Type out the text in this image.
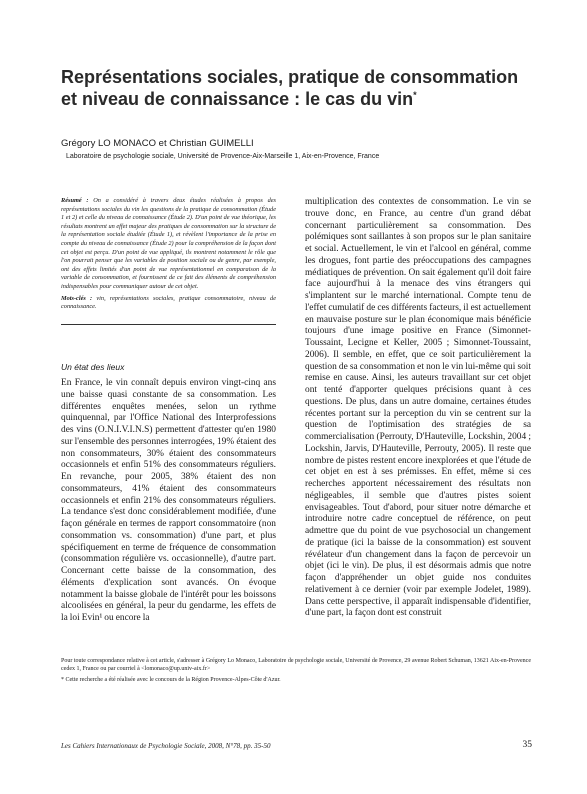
Représentations sociales, pratique de consommation et niveau de connaissance : le cas du vin*
Grégory LO MONACO et Christian GUIMELLI
Laboratoire de psychologie sociale, Université de Provence-Aix-Marseille 1, Aix-en-Provence, France

Résumé : On a considéré à travers deux études réalisées à propos des représentations sociales du vin les questions de la pratique de consommation (Étude 1 et 2) et celle du niveau de connaissance (Étude 2). D'un point de vue théorique, les résultats montrent un effet majeur des pratiques de consommation sur la structure de la représentation sociale étudiée (Étude 1), et révèlent l'importance de la prise en compte du niveau de connaissance (Étude 2) pour la compréhension de la façon dont cet objet est perçu. D'un point de vue appliqué, ils montrent notamment le rôle que l'on pourrait penser que les variables de position sociale ou de genre, par exemple, ont des effets limités d'un point de vue représentationnel en comparaison de la variable de consommation, et fournissent de ce fait des éléments de compréhension indispensables pour communiquer autour de cet objet.

Mots-clés : vin, représentations sociales, pratique consommatoire, niveau de connaissance.

Un état des lieux

En France, le vin connaît depuis environ vingt-cinq ans une baisse quasi constante de sa consommation. Les différentes enquêtes menées, selon un rythme quinquennal, par l'Office National des Interprofessions des vins (O.N.I.V.I.N.S) permettent d'attester qu'en 1980 sur l'ensemble des personnes interrogées, 19% étaient des non consommateurs, 30% étaient des consommateurs occasionnels et enfin 51% des consommateurs réguliers. En revanche, pour 2005, 38% étaient des non consommateurs, 41% étaient des consommateurs occasionnels et enfin 21% des consommateurs réguliers. La tendance s'est donc considérablement modifiée, d'une façon générale en termes de rapport consommatoire (non consommation vs. consommation) d'une part, et plus spécifiquement en terme de fréquence de consommation (consommation régulière vs. occasionnelle), d'autre part. Concernant cette baisse de la consommation, des éléments d'explication sont avancés. On évoque notamment la baisse globale de l'intérêt pour les boissons alcoolisées en général, la peur du gendarme, les effets de la loi Evin¹ ou encore la

multiplication des contextes de consommation. Le vin se trouve donc, en France, au centre d'un grand débat concernant particulièrement sa consommation. Des polémiques sont saillantes à son propos sur le plan sanitaire et social. Actuellement, le vin et l'alcool en général, comme les drogues, font partie des préoccupations des campagnes médiatiques de prévention. On sait également qu'il doit faire face aujourd'hui à la menace des vins étrangers qui s'implantent sur le marché international. Compte tenu de l'effet cumulatif de ces différents facteurs, il est actuellement en mauvaise posture sur le plan économique mais bénéficie toujours d'une image positive en France (Simonnet-Toussaint, Lecigne et Keller, 2005 ; Simonnet-Toussaint, 2006). Il semble, en effet, que ce soit particulièrement la question de sa consommation et non le vin lui-même qui soit remise en cause. Ainsi, les auteurs travaillant sur cet objet ont tenté d'apporter quelques précisions quant à ces questions. De plus, dans un autre domaine, certaines études récentes portant sur la perception du vin se centrent sur la question de l'optimisation des stratégies de sa commercialisation (Perrouty, D'Hauteville, Lockshin, 2004 ; Lockshin, Jarvis, D'Hauteville, Perrouty, 2005). Il reste que nombre de pistes restent encore inexplorées et que l'étude de cet objet en est à ses prémisses. En effet, même si ces recherches apportent nécessairement des résultats non négligeables, il semble que d'autres pistes soient envisageables. Tout d'abord, pour situer notre démarche et introduire notre cadre conceptuel de référence, on peut admettre que du point de vue psychosocial un changement de pratique (ici la baisse de la consommation) est souvent révélateur d'un changement dans la façon de percevoir un objet (ici le vin). De plus, il est désormais admis que notre façon d'appréhender un objet guide nos conduites relativement à ce dernier (voir par exemple Jodelet, 1989). Dans cette perspective, il apparaît indispensable d'identifier, d'une part, la façon dont est construit

Pour toute correspondance relative à cet article, s'adresser à Grégory Lo Monaco, Laboratoire de psychologie sociale, Université de Provence, 29 avenue Robert Schuman, 13621 Aix-en-Provence cedex 1, France ou par courriel à <lomonaco@up.univ-aix.fr>

* Cette recherche a été réalisée avec le concours de la Région Provence-Alpes-Côte d'Azur.

Les Cahiers Internationaux de Psychologie Sociale, 2008, N°78, pp. 35-50	35
